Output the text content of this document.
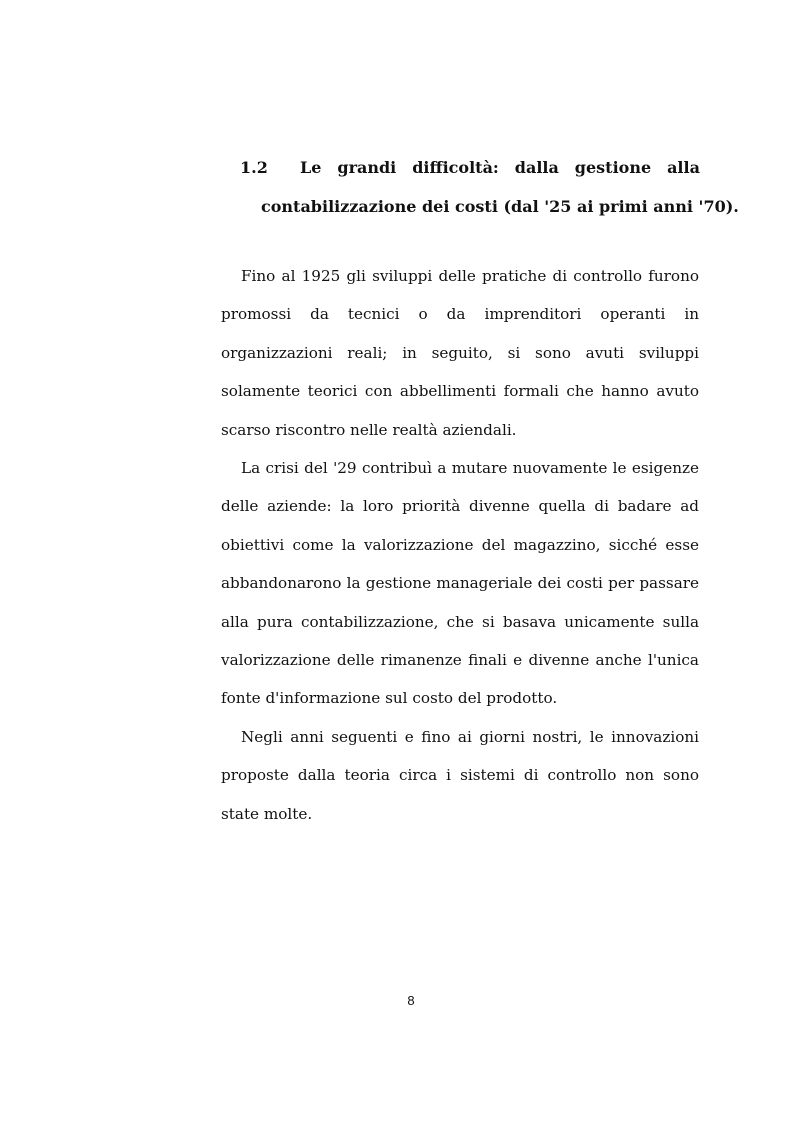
1.2	Le grandi difficoltà: dalla gestione alla
contabilizzazione dei costi (dal '25 ai primi anni '70).

Fino al 1925 gli sviluppi delle pratiche di controllo furono promossi da tecnici o da imprenditori operanti in organizzazioni reali; in seguito, si sono avuti sviluppi solamente teorici con abbellimenti formali che hanno avuto scarso riscontro nelle realtà aziendali.

La crisi del '29 contribuì a mutare nuovamente le esigenze delle aziende: la loro priorità divenne quella di badare ad obiettivi come la valorizzazione del magazzino, sicché esse abbandonarono la gestione manageriale dei costi per passare alla pura contabilizzazione, che si basava unicamente sulla valorizzazione delle rimanenze finali e divenne anche l'unica fonte d'informazione sul costo del prodotto.

Negli anni seguenti e fino ai giorni nostri, le innovazioni proposte dalla teoria circa i sistemi di controllo non sono state molte.

8
